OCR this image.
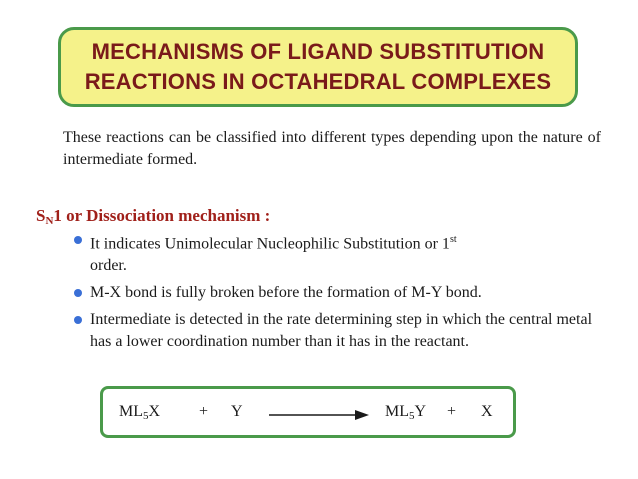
MECHANISMS OF LIGAND SUBSTITUTION
REACTIONS IN OCTAHEDRAL COMPLEXES
These reactions can be classified into different types depending upon the nature of intermediate formed.
$S_N1$ or Dissociation mechanism :
It indicates Unimolecular Nucleophilic Substitution or 1st
order.
M-X bond is fully broken before the formation of M-Y bond.
Intermediate is detected in the rate determining step in which the central metal has a lower coordination number than it has in the reactant.
$ML_5X + Y$	$ML_5Y + X$
